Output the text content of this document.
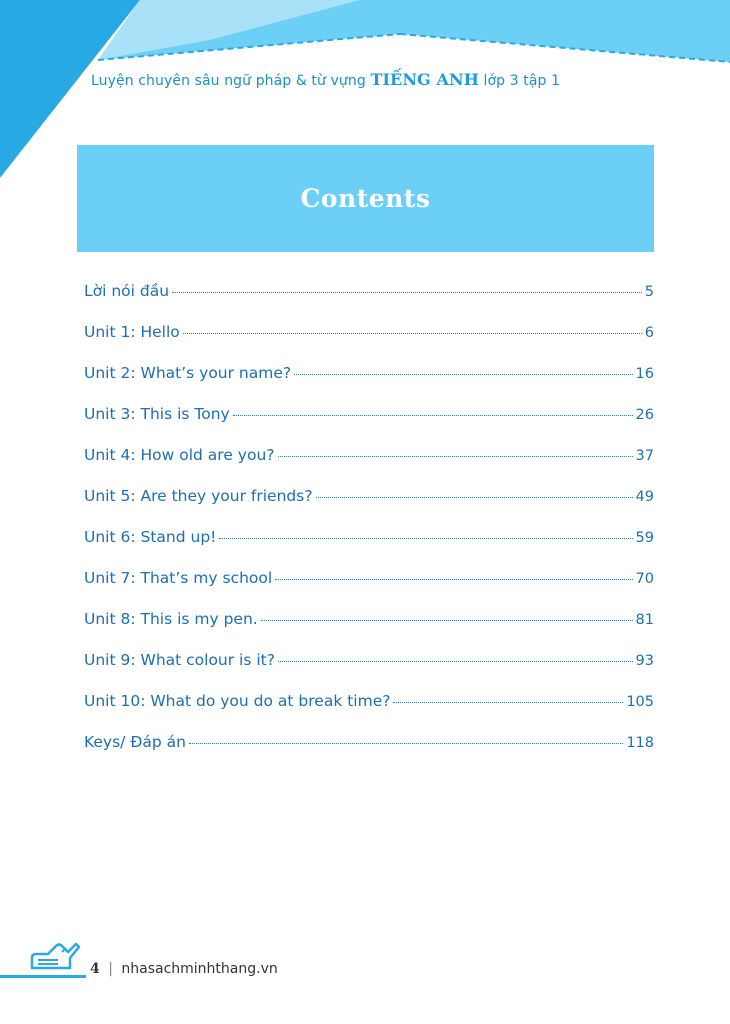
Luyện chuyên sâu ngữ pháp & từ vựng TIẾNG ANH lớp 3 tập 1
Contents
Lời nói đầu	5
Unit 1: Hello	6
Unit 2: What’s your name?	16
Unit 3: This is Tony	26
Unit 4: How old are you?	37
Unit 5: Are they your friends?	49
Unit 6: Stand up!	59
Unit 7: That’s my school	70
Unit 8: This is my pen.	81
Unit 9: What colour is it?	93
Unit 10: What do you do at break time?	105
Keys/ Đáp án	118
4 | nhasachminhthang.vn
